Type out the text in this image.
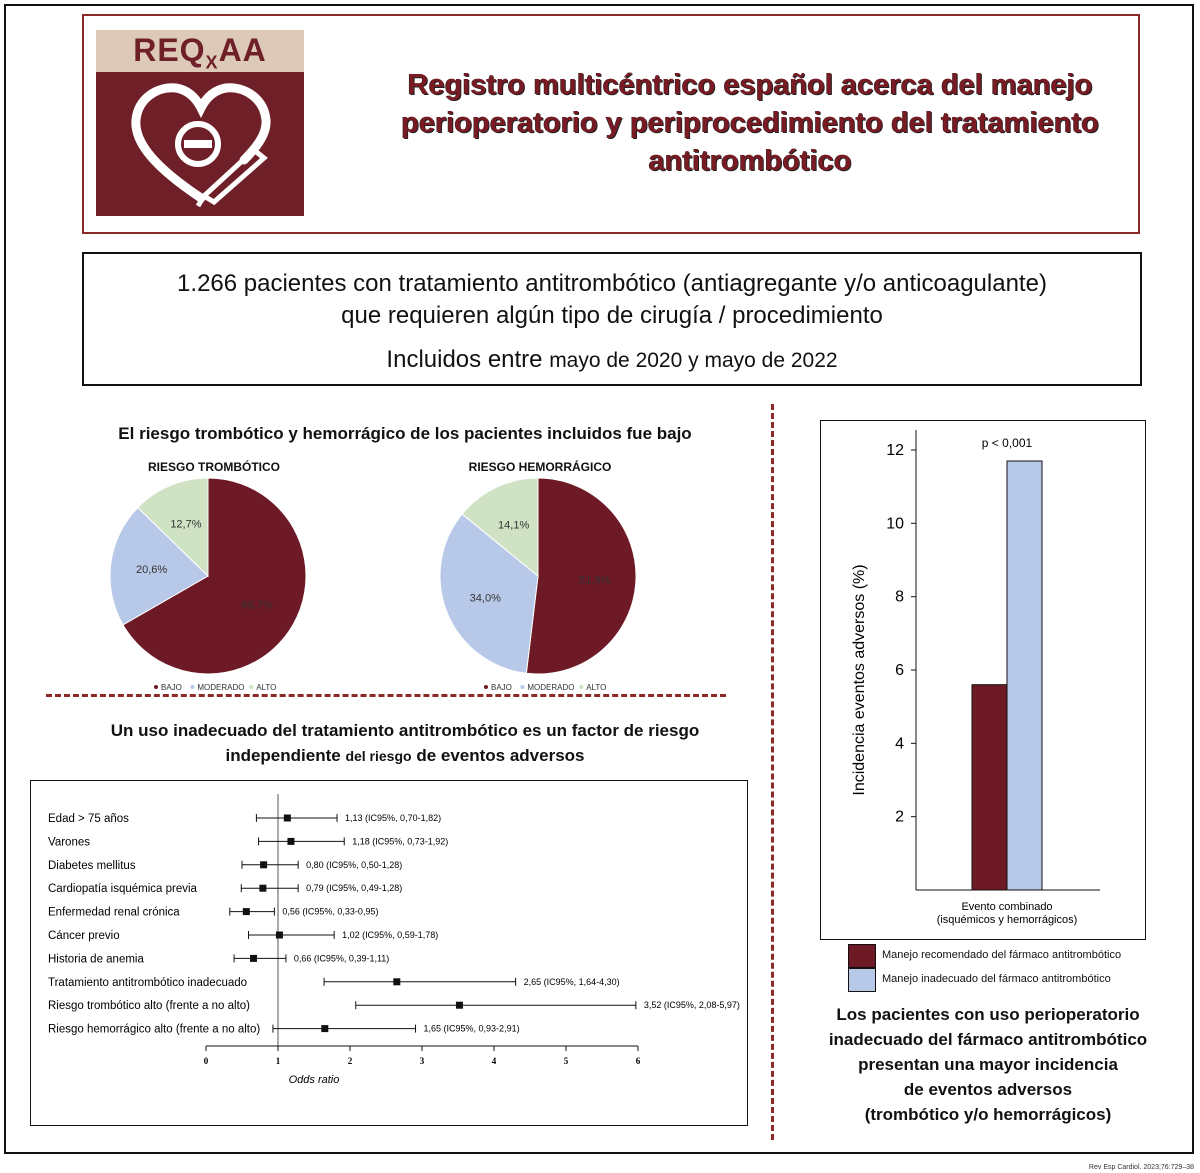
$REQ_XAA$
Registro multicéntrico español acerca del manejo perioperatorio y periprocedimiento del tratamiento antitrombótico
1.266 pacientes con tratamiento antitrombótico (antiagregante y/o anticoagulante)
que requieren algún tipo de cirugía / procedimiento
Incluidos entre mayo de 2020 y mayo de 2022
El riesgo trombótico y hemorrágico de los pacientes incluidos fue bajo
RIESGO TROMBÓTICO	RIESGO HEMORRÁGICO
66,7%
20,6%
12,7%
BAJO MODERADO ALTO
51,9%
34,0%
14,1%
BAJO MODERADO ALTO
Un uso inadecuado del tratamiento antitrombótico es un factor de riesgo
independiente del riesgo de eventos adversos
0	1	2	3	4	5	6
Odds ratio
Edad > 75 años	1,13 (IC95%, 0,70-1,82)
Varones	1,18 (IC95%, 0,73-1,92)
Diabetes mellitus	0,80 (IC95%, 0,50-1,28)
Cardiopatía isquémica previa	0,79 (IC95%, 0,49-1,28)
Enfermedad renal crónica	0,56 (IC95%, 0,33-0,95)
Cáncer previo	1,02 (IC95%, 0,59-1,78)
Historia de anemia	0,66 (IC95%, 0,39-1,11)
Tratamiento antitrombótico inadecuado	2,65 (IC95%, 1,64-4,30)
Riesgo trombótico alto (frente a no alto)	3,52 (IC95%, 2,08-5,97)
Riesgo hemorrágico alto (frente a no alto)	1,65 (IC95%, 0,93-2,91)
2
4
6
8
10
12
Incidencia eventos adversos (%)
p < 0,001
Evento combinado
(isquémicos y hemorrágicos)
Manejo recomendado del fármaco antitrombótico
Manejo inadecuado del fármaco antitrombótico
Los pacientes con uso perioperatorio
inadecuado del fármaco antitrombótico
presentan una mayor incidencia
de eventos adversos
(trombótico y/o hemorrágicos)
Rev Esp Cardiol. 2023;76:729–38
